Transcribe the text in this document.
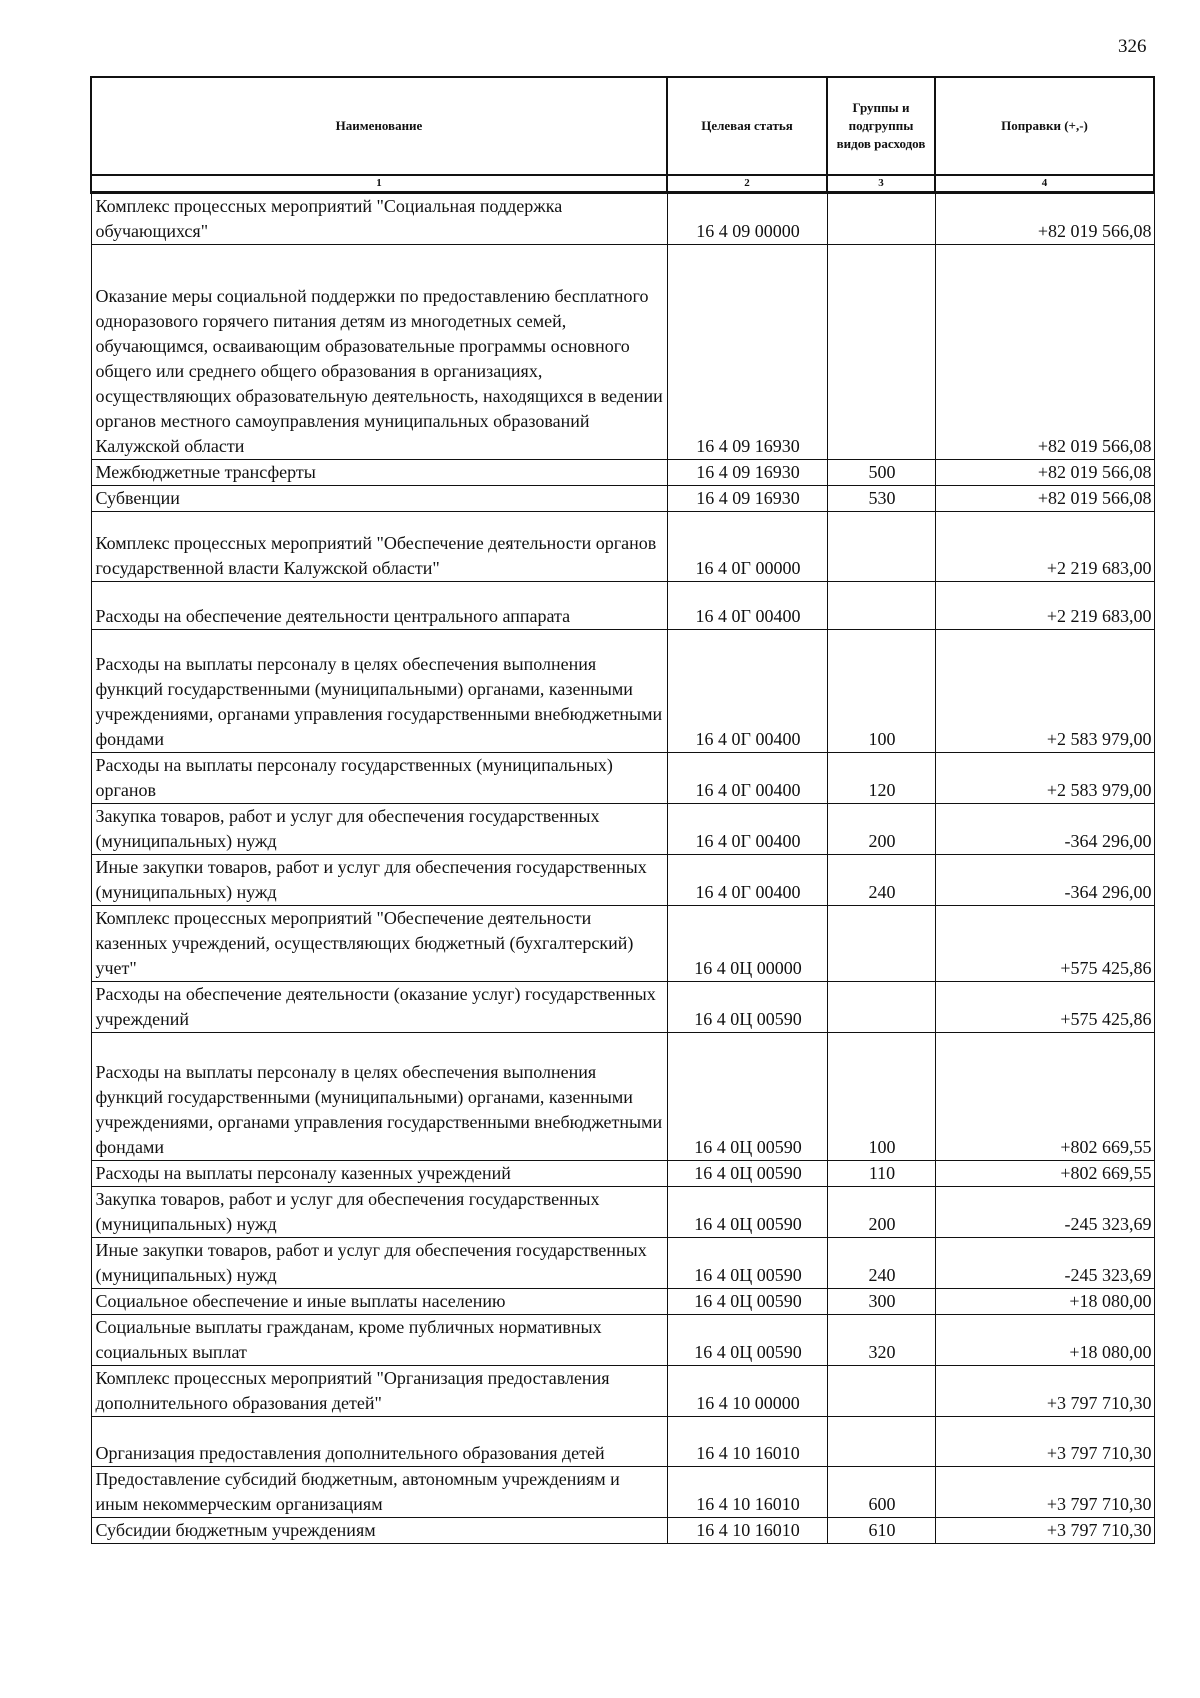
326
Наименование	Целевая статья	Группы и подгруппы видов расходов	Поправки (+,-)
1	2	3	4
Комплекс процессных мероприятий "Социальная поддержка обучающихся"	16 4 09 00000		+82 019 566,08
Оказание меры социальной поддержки по предоставлению бесплатного одноразового горячего питания детям из многодетных семей, обучающимся, осваивающим образовательные программы основного общего или среднего общего образования в организациях, осуществляющих образовательную деятельность, находящихся в ведении органов местного самоуправления муниципальных образований Калужской области	16 4 09 16930		+82 019 566,08
Межбюджетные трансферты	16 4 09 16930	500	+82 019 566,08
Субвенции	16 4 09 16930	530	+82 019 566,08
Комплекс процессных мероприятий "Обеспечение деятельности органов государственной власти Калужской области"	16 4 0Г 00000		+2 219 683,00
Расходы на обеспечение деятельности центрального аппарата	16 4 0Г 00400		+2 219 683,00
Расходы на выплаты персоналу в целях обеспечения выполнения функций государственными (муниципальными) органами, казенными учреждениями, органами управления государственными внебюджетными фондами	16 4 0Г 00400	100	+2 583 979,00
Расходы на выплаты персоналу государственных (муниципальных) органов	16 4 0Г 00400	120	+2 583 979,00
Закупка товаров, работ и услуг для обеспечения государственных (муниципальных) нужд	16 4 0Г 00400	200	-364 296,00
Иные закупки товаров, работ и услуг для обеспечения государственных (муниципальных) нужд	16 4 0Г 00400	240	-364 296,00
Комплекс процессных мероприятий "Обеспечение деятельности казенных учреждений, осуществляющих бюджетный (бухгалтерский) учет"	16 4 0Ц 00000		+575 425,86
Расходы на обеспечение деятельности (оказание услуг) государственных учреждений	16 4 0Ц 00590		+575 425,86
Расходы на выплаты персоналу в целях обеспечения выполнения функций государственными (муниципальными) органами, казенными учреждениями, органами управления государственными внебюджетными фондами	16 4 0Ц 00590	100	+802 669,55
Расходы на выплаты персоналу казенных учреждений	16 4 0Ц 00590	110	+802 669,55
Закупка товаров, работ и услуг для обеспечения государственных (муниципальных) нужд	16 4 0Ц 00590	200	-245 323,69
Иные закупки товаров, работ и услуг для обеспечения государственных (муниципальных) нужд	16 4 0Ц 00590	240	-245 323,69
Социальное обеспечение и иные выплаты населению	16 4 0Ц 00590	300	+18 080,00
Социальные выплаты гражданам, кроме публичных нормативных социальных выплат	16 4 0Ц 00590	320	+18 080,00
Комплекс процессных мероприятий "Организация предоставления дополнительного образования детей"	16 4 10 00000		+3 797 710,30
Организация предоставления дополнительного образования детей	16 4 10 16010		+3 797 710,30
Предоставление субсидий бюджетным, автономным учреждениям и иным некоммерческим организациям	16 4 10 16010	600	+3 797 710,30
Субсидии бюджетным учреждениям	16 4 10 16010	610	+3 797 710,30
